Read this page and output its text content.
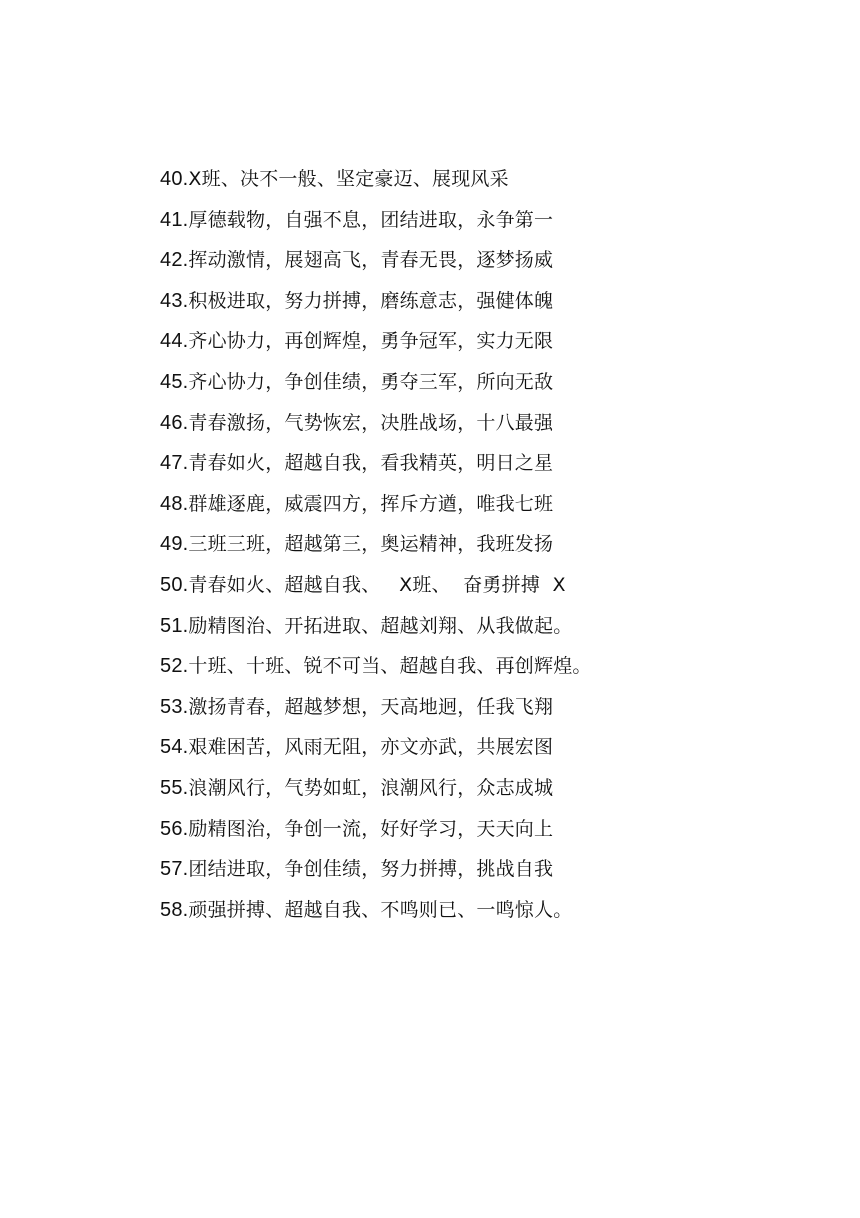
40.X班、决不一般、坚定豪迈、展现风采
41.厚德载物，自强不息，团结进取，永争第一
42.挥动激情，展翅高飞，青春无畏，逐梦扬威
43.积极进取，努力拼搏，磨练意志，强健体魄
44.齐心协力，再创辉煌，勇争冠军，实力无限
45.齐心协力，争创佳绩，勇夺三军，所向无敌
46.青春激扬，气势恢宏，决胜战场，十八最强
47.青春如火，超越自我，看我精英，明日之星
48.群雄逐鹿，威震四方，挥斥方遒，唯我七班
49.三班三班，超越第三，奥运精神，我班发扬
50.青春如火、超越自我、   X班、  奋勇拼搏  X
51.励精图治、开拓进取、超越刘翔、从我做起。
52.十班、十班、锐不可当、超越自我、再创辉煌。
53.激扬青春，超越梦想，天高地迥，任我飞翔
54.艰难困苦，风雨无阻，亦文亦武，共展宏图
55.浪潮风行，气势如虹，浪潮风行，众志成城
56.励精图治，争创一流，好好学习，天天向上
57.团结进取，争创佳绩，努力拼搏，挑战自我
58.顽强拼搏、超越自我、不鸣则已、一鸣惊人。
